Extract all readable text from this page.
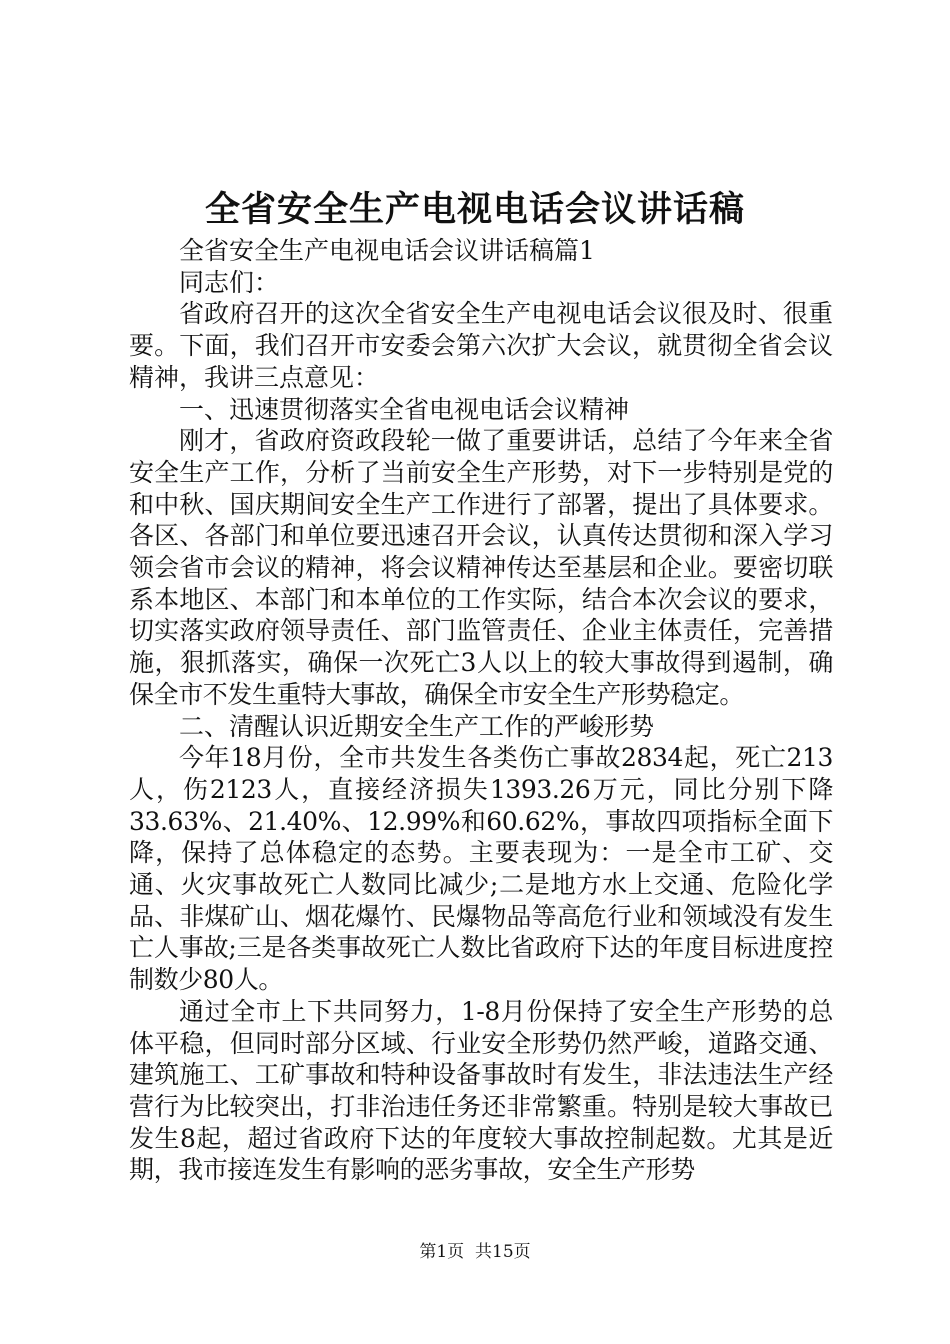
全省安全生产电视电话会议讲话稿

全省安全生产电视电话会议讲话稿篇1

同志们：

省政府召开的这次全省安全生产电视电话会议很及时、很重要。下面，我们召开市安委会第六次扩大会议，就贯彻全省会议精神，我讲三点意见：

一、迅速贯彻落实全省电视电话会议精神

刚才，省政府资政段轮一做了重要讲话，总结了今年来全省安全生产工作，分析了当前安全生产形势，对下一步特别是党的和中秋、国庆期间安全生产工作进行了部署，提出了具体要求。各区、各部门和单位要迅速召开会议，认真传达贯彻和深入学习领会省市会议的精神，将会议精神传达至基层和企业。要密切联系本地区、本部门和本单位的工作实际，结合本次会议的要求，切实落实政府领导责任、部门监管责任、企业主体责任，完善措施，狠抓落实，确保一次死亡3人以上的较大事故得到遏制，确保全市不发生重特大事故，确保全市安全生产形势稳定。

二、清醒认识近期安全生产工作的严峻形势

今年18月份，全市共发生各类伤亡事故2834起，死亡213人，伤2123人，直接经济损失1393.26万元，同比分别下降33.63%、21.40%、12.99%和60.62%，事故四项指标全面下降，保持了总体稳定的态势。主要表现为：一是全市工矿、交通、火灾事故死亡人数同比减少;二是地方水上交通、危险化学品、非煤矿山、烟花爆竹、民爆物品等高危行业和领域没有发生亡人事故;三是各类事故死亡人数比省政府下达的年度目标进度控制数少80人。

通过全市上下共同努力，1-8月份保持了安全生产形势的总体平稳，但同时部分区域、行业安全形势仍然严峻，道路交通、建筑施工、工矿事故和特种设备事故时有发生，非法违法生产经营行为比较突出，打非治违任务还非常繁重。特别是较大事故已发生8起，超过省政府下达的年度较大事故控制起数。尤其是近期，我市接连发生有影响的恶劣事故，安全生产形势

第1页 共15页
